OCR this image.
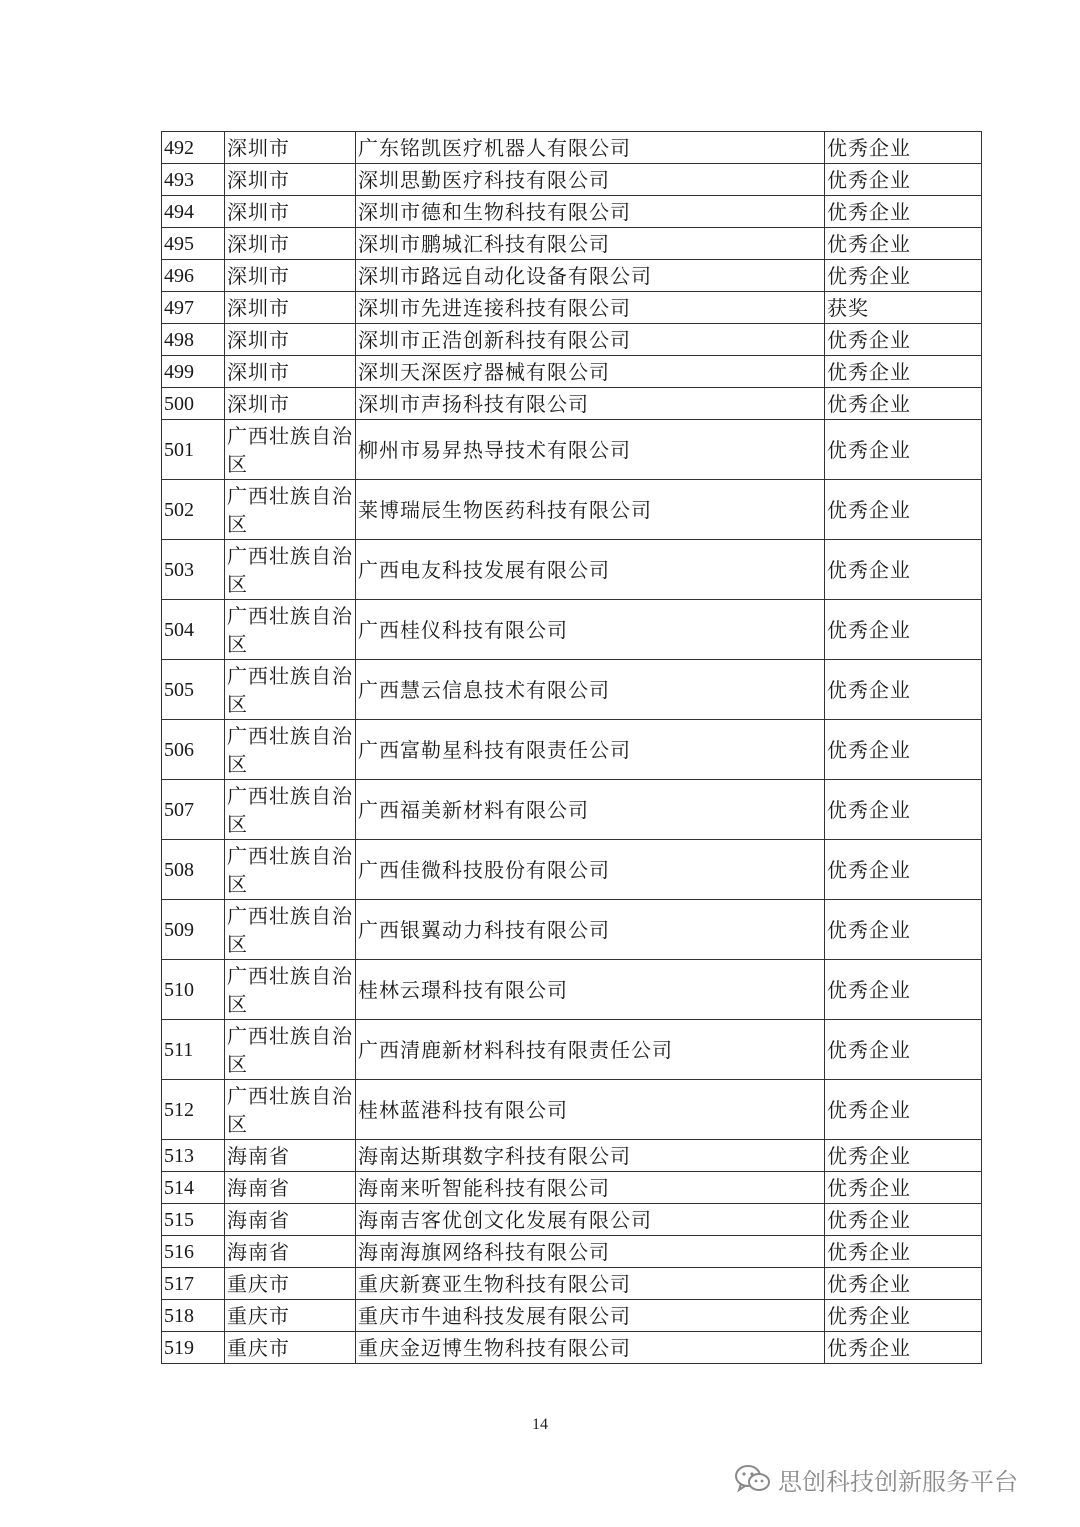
492	深圳市	广东铭凯医疗机器人有限公司	优秀企业
493	深圳市	深圳思勤医疗科技有限公司	优秀企业
494	深圳市	深圳市德和生物科技有限公司	优秀企业
495	深圳市	深圳市鹏城汇科技有限公司	优秀企业
496	深圳市	深圳市路远自动化设备有限公司	优秀企业
497	深圳市	深圳市先进连接科技有限公司	获奖
498	深圳市	深圳市正浩创新科技有限公司	优秀企业
499	深圳市	深圳天深医疗器械有限公司	优秀企业
500	深圳市	深圳市声扬科技有限公司	优秀企业
501	广西壮族自治区	柳州市易昇热导技术有限公司	优秀企业
502	广西壮族自治区	莱博瑞辰生物医药科技有限公司	优秀企业
503	广西壮族自治区	广西电友科技发展有限公司	优秀企业
504	广西壮族自治区	广西桂仪科技有限公司	优秀企业
505	广西壮族自治区	广西慧云信息技术有限公司	优秀企业
506	广西壮族自治区	广西富勒星科技有限责任公司	优秀企业
507	广西壮族自治区	广西福美新材料有限公司	优秀企业
508	广西壮族自治区	广西佳微科技股份有限公司	优秀企业
509	广西壮族自治区	广西银翼动力科技有限公司	优秀企业
510	广西壮族自治区	桂林云璟科技有限公司	优秀企业
511	广西壮族自治区	广西清鹿新材料科技有限责任公司	优秀企业
512	广西壮族自治区	桂林蓝港科技有限公司	优秀企业
513	海南省	海南达斯琪数字科技有限公司	优秀企业
514	海南省	海南来听智能科技有限公司	优秀企业
515	海南省	海南吉客优创文化发展有限公司	优秀企业
516	海南省	海南海旗网络科技有限公司	优秀企业
517	重庆市	重庆新赛亚生物科技有限公司	优秀企业
518	重庆市	重庆市牛迪科技发展有限公司	优秀企业
519	重庆市	重庆金迈博生物科技有限公司	优秀企业
14
思创科技创新服务平台
